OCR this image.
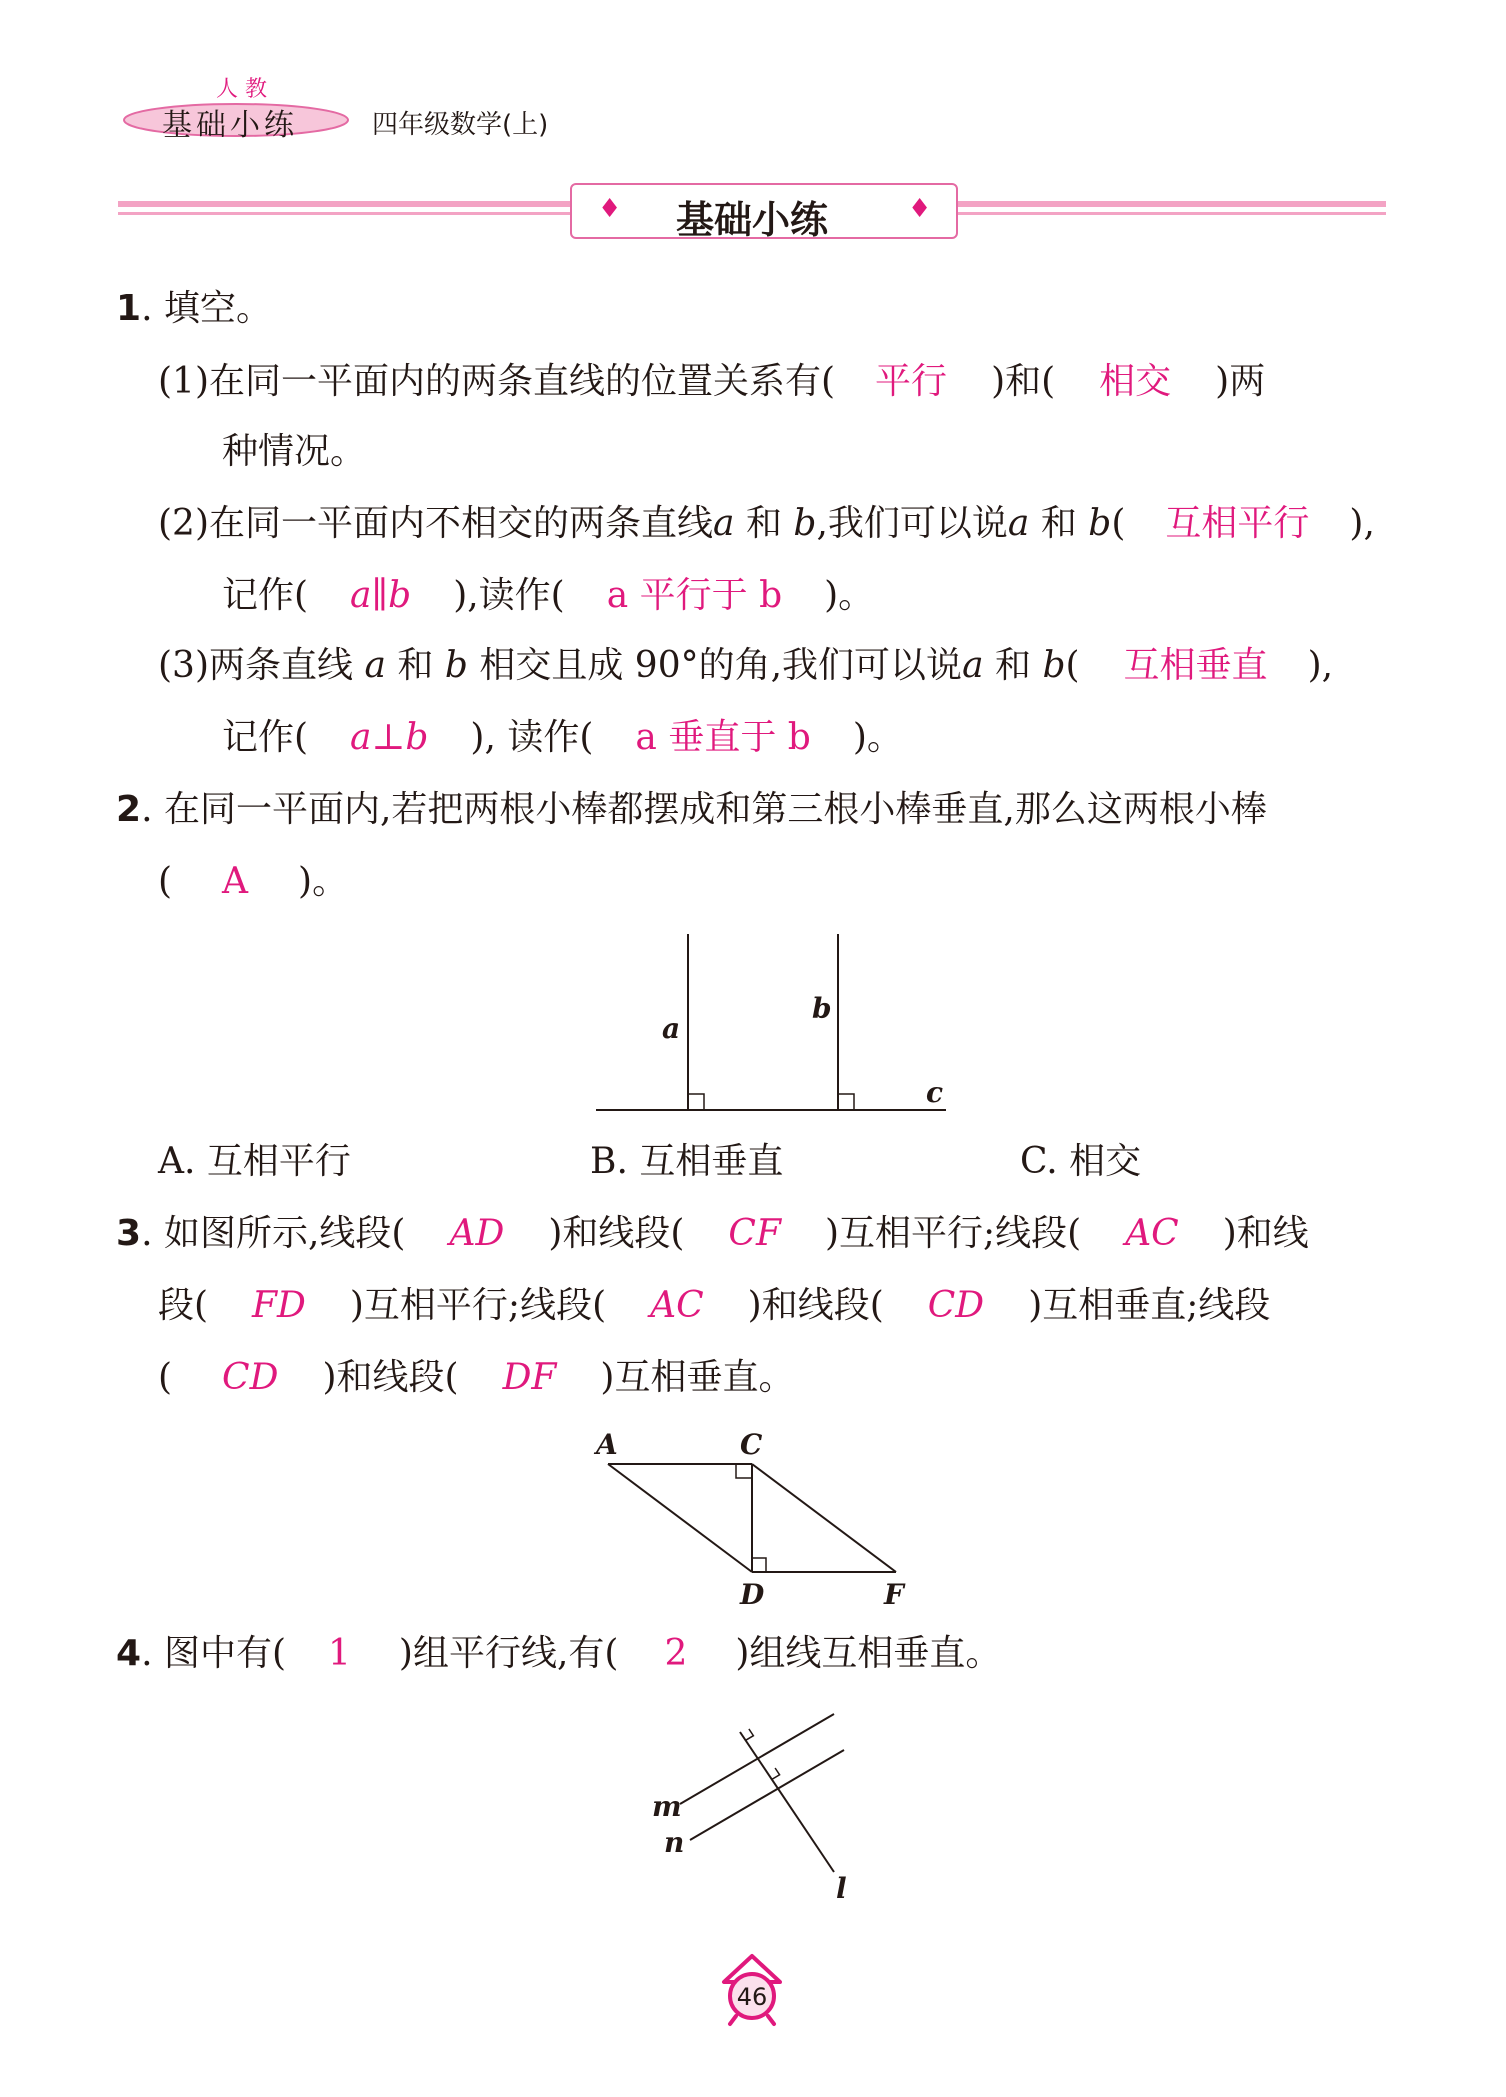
人 教
基础小练	四年级数学(上)
♦ 基础小练	♦
1. 填空。
(1)在同一平面内的两条直线的位置关系有( 平行 )和( 相交 )两
种情况。
(2)在同一平面内不相交的两条直线a 和 b,我们可以说a 和 b( 互相平行 ),
记作( a∥b ),读作( a 平行于 b )。
(3)两条直线 a 和 b 相交且成 90°的角,我们可以说a 和 b( 互相垂直 ),
记作( a⊥b ), 读作( a 垂直于 b )。
2. 在同一平面内,若把两根小棒都摆成和第三根小棒垂直,那么这两根小棒
( A )。
a
b
c
A. 互相平行	B. 互相垂直	C. 相交
3. 如图所示,线段( AD )和线段( CF )互相平行;线段( AC )和线
段( FD )互相平行;线段( AC )和线段( CD )互相垂直;线段
( CD )和线段( DF )互相垂直。
A	C
D	F
4. 图中有( 1 )组平行线,有( 2 )组线互相垂直。
m
n
l
46
